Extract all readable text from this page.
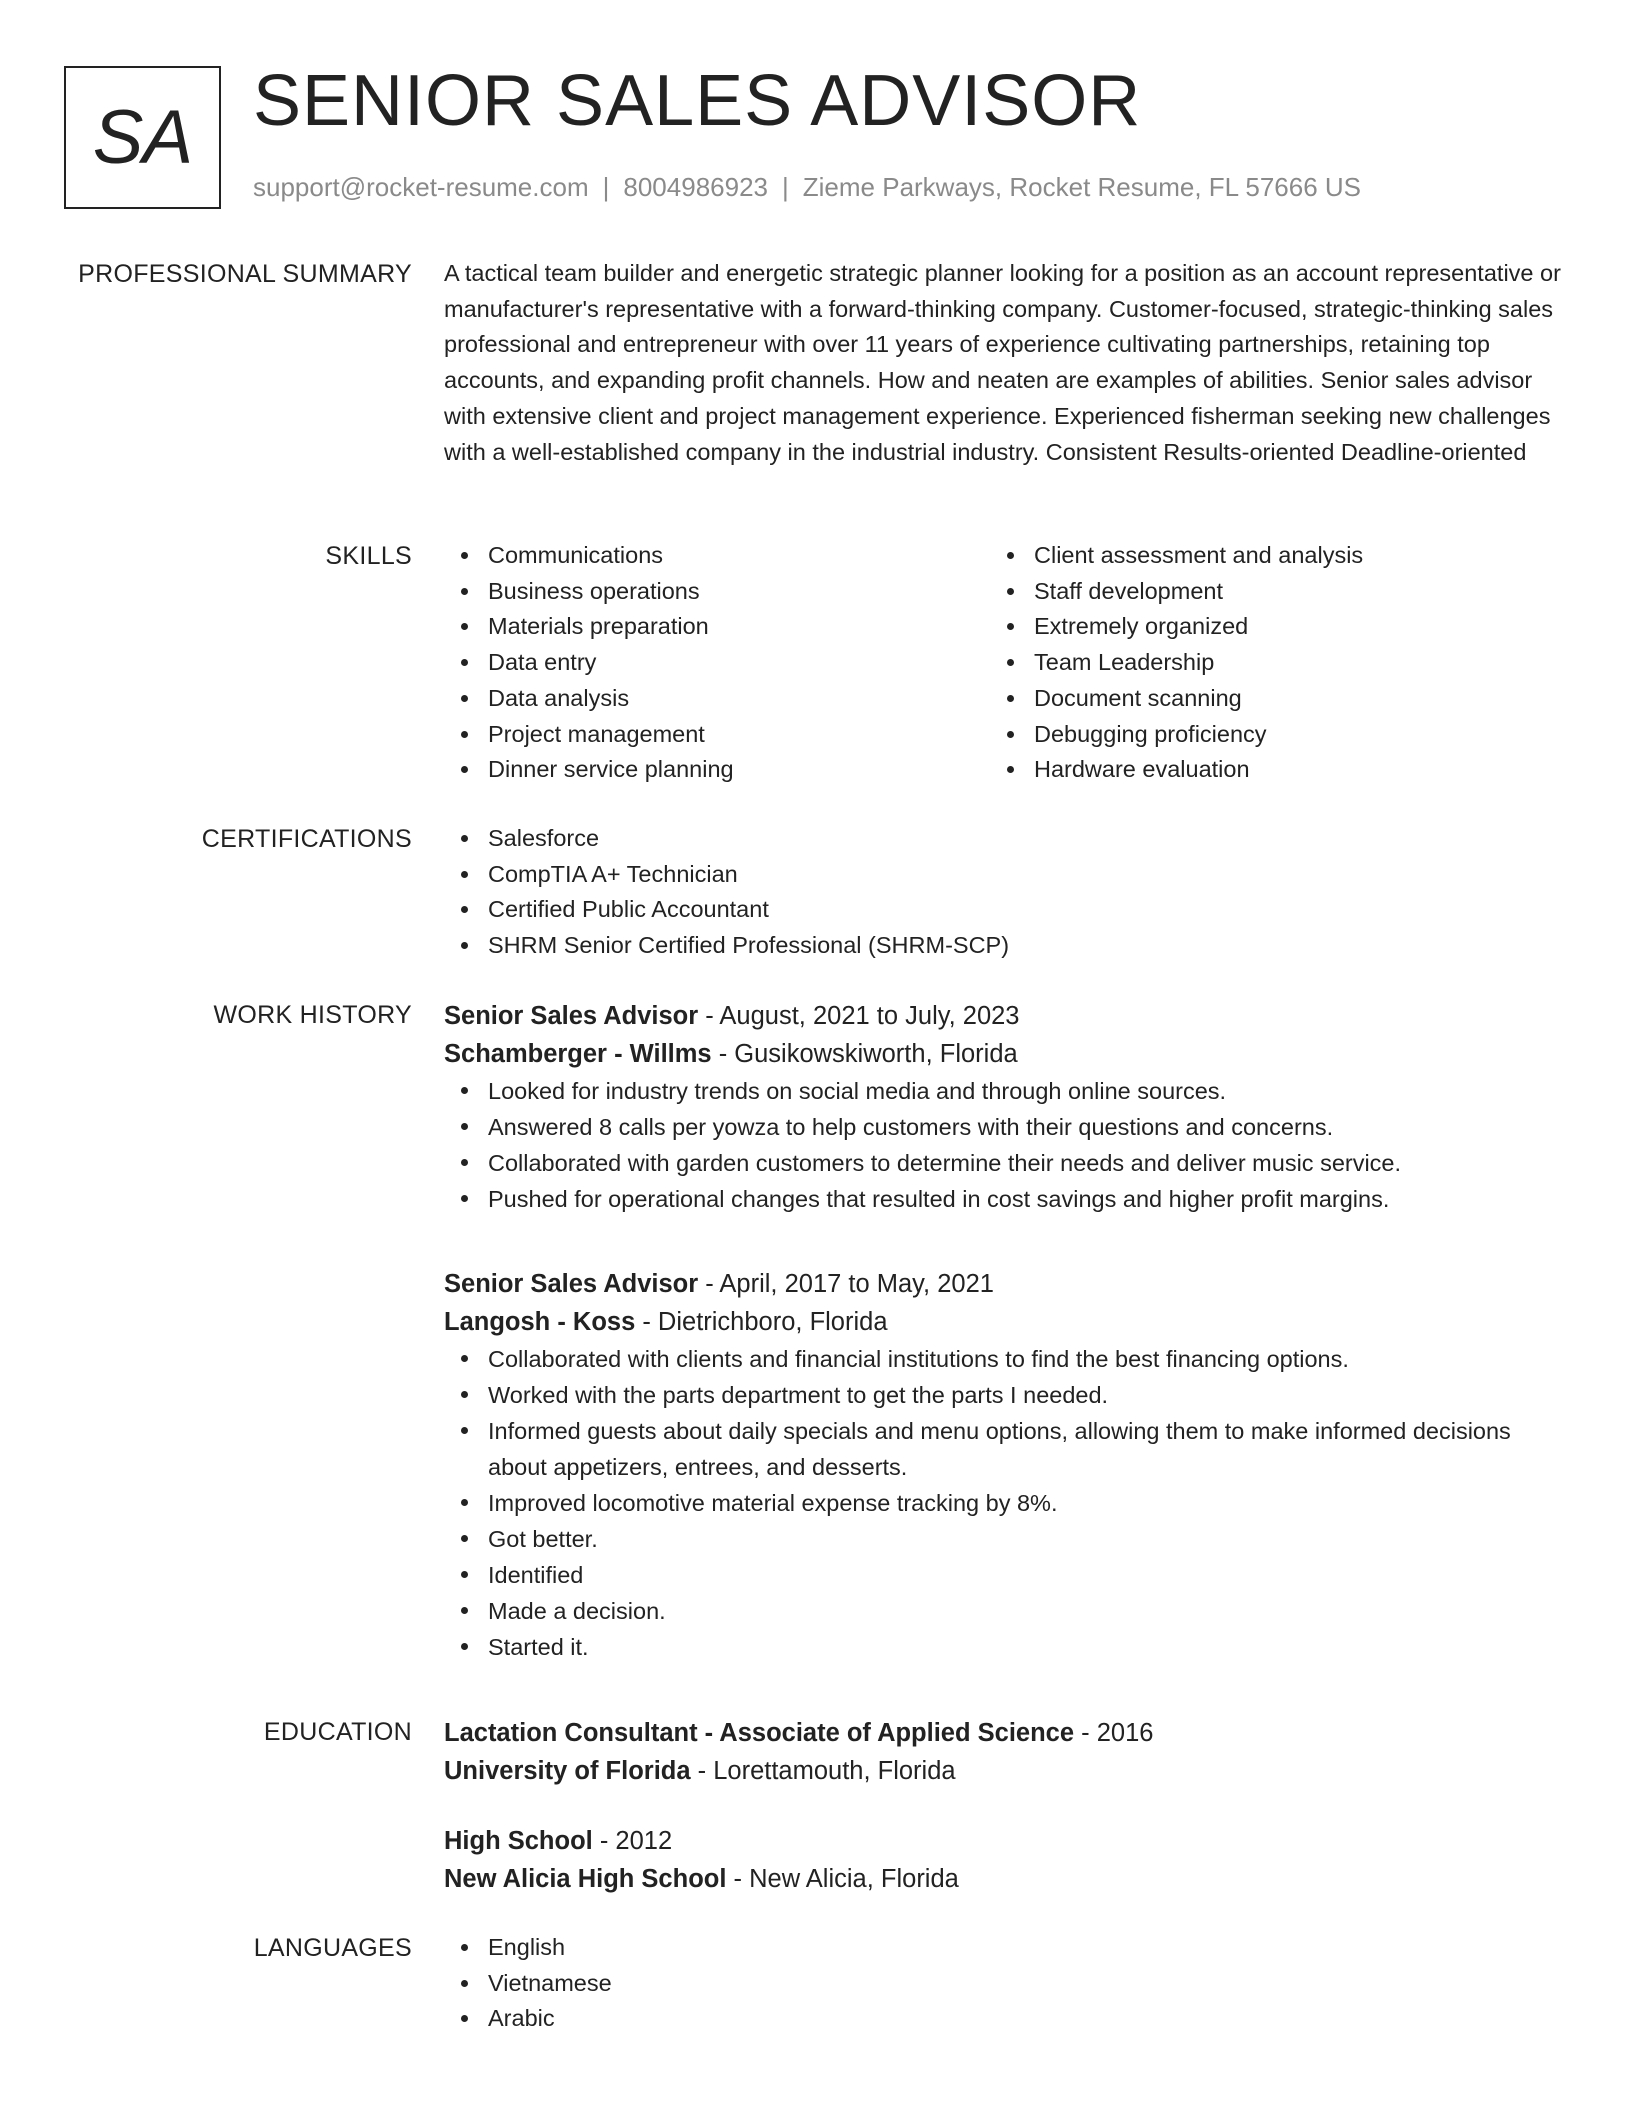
SA SENIOR SALES ADVISOR
support@rocket-resume.com | 8004986923 | Zieme Parkways, Rocket Resume, FL 57666 US
PROFESSIONAL SUMMARY A tactical team builder and energetic strategic planner looking for a position as an account representative or manufacturer's representative with a forward-thinking company. Customer-focused, strategic-thinking sales professional and entrepreneur with over 11 years of experience cultivating partnerships, retaining top accounts, and expanding profit channels. How and neaten are examples of abilities. Senior sales advisor with extensive client and project management experience. Experienced fisherman seeking new challenges with a well-established company in the industrial industry. Consistent Results-oriented Deadline-oriented

SKILLS	Communications
Business operations
Materials preparation
Data entry
Data analysis
Project management
Dinner service planning
Client assessment and analysis
Staff development
Extremely organized
Team Leadership
Document scanning
Debugging proficiency
Hardware evaluation
CERTIFICATIONS	Salesforce
CompTIA A+ Technician
Certified Public Accountant
SHRM Senior Certified Professional (SHRM-SCP)
WORK HISTORY Senior Sales Advisor - August, 2021 to July, 2023
Schamberger - Willms - Gusikowskiworth, Florida
Looked for industry trends on social media and through online sources.
Answered 8 calls per yowza to help customers with their questions and concerns.
Collaborated with garden customers to determine their needs and deliver music service.
Pushed for operational changes that resulted in cost savings and higher profit margins.
Senior Sales Advisor - April, 2017 to May, 2021
Langosh - Koss - Dietrichboro, Florida
Collaborated with clients and financial institutions to find the best financing options.
Worked with the parts department to get the parts I needed.
Informed guests about daily specials and menu options, allowing them to make informed decisions about appetizers, entrees, and desserts.
Improved locomotive material expense tracking by 8%.
Got better.
Identified
Made a decision.
Started it.
EDUCATION Lactation Consultant - Associate of Applied Science - 2016
University of Florida - Lorettamouth, Florida
High School - 2012
New Alicia High School - New Alicia, Florida
LANGUAGES	English
Vietnamese
Arabic
